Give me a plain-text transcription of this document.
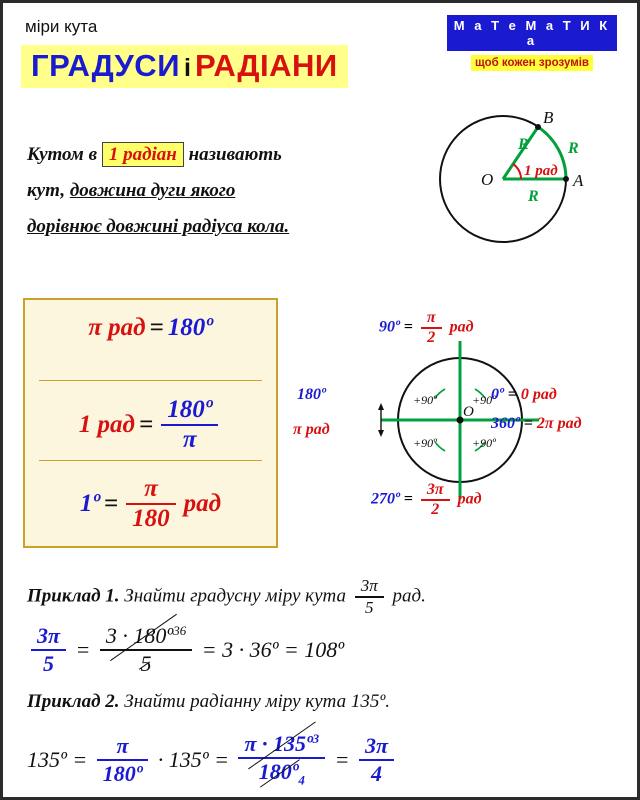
міри кута
ГРАДУСИ і РАДІАНИ
М а Т е М а Т И К а
щоб кожен зрозумів
Кутом в 1 радіан називають
кут, довжина дуги якого
дорівнює довжині радіуса кола.
O	A
B
R R
R
1 рад
π рад = 180º
1 рад = $\frac{\text{180º}}{\pi}$
1º = $\frac{\pi}{180}$ рад
O
+90º	+90º
+90º	+90º
90º = $\frac{\pi}{2}$ рад
180º
π рад
0º = 0 рад
360º = 2π рад
270º = $\frac{3\pi}{2}$ рад
Приклад 1. Знайти градусну міру кута $\frac{3\pi}{5}$ рад.
$\frac{3\pi}{5} = \frac{3 \cdot 180º^{36}}{5} = 3$ · 36º = 108º
Приклад 2. Знайти радіанну міру кута 135º.
135º = $\frac{\pi}{\text{180º}}$ · 135º = $\frac{\pi \cdot 135º^3}{180º_4} = \frac{3\pi}{4}$
